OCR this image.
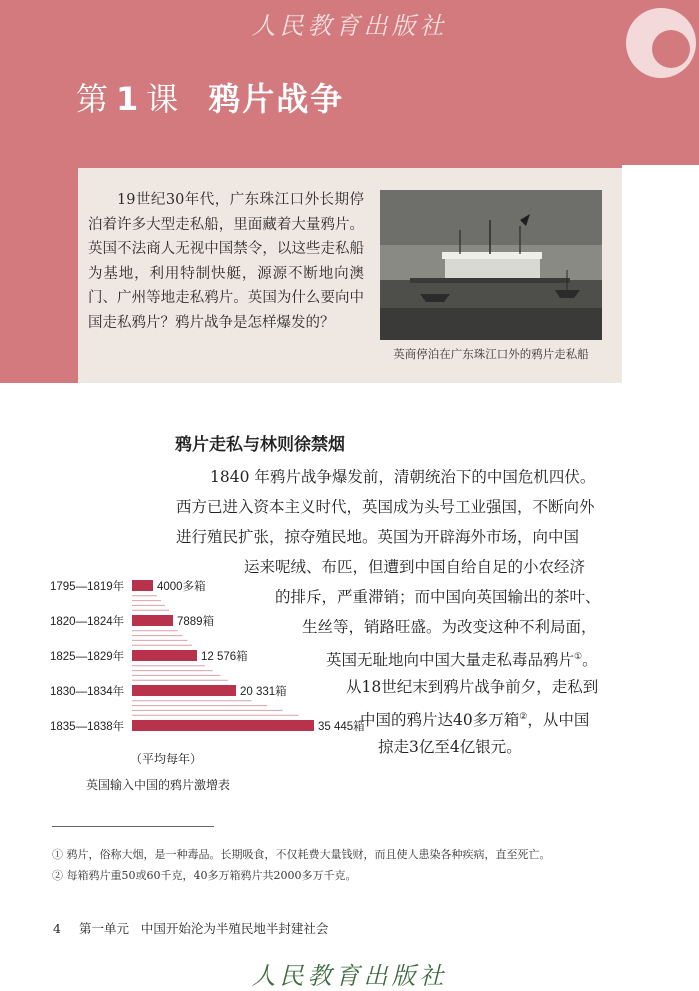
人民教育出版社
第 1 课 鸦片战争
19世纪30年代，广东珠江口外长期停泊着许多大型走私船，里面藏着大量鸦片。英国不法商人无视中国禁令，以这些走私船为基地，利用特制快艇，源源不断地向澳门、广州等地走私鸦片。英国为什么要向中国走私鸦片？鸦片战争是怎样爆发的？
英商停泊在广东珠江口外的鸦片走私船
鸦片走私与林则徐禁烟
1840 年鸦片战争爆发前，清朝统治下的中国危机四伏。
西方已进入资本主义时代，英国成为头号工业强国，不断向外
进行殖民扩张，掠夺殖民地。英国为开辟海外市场，向中国
运来呢绒、布匹，但遭到中国自给自足的小农经济
的排斥，严重滞销；而中国向英国输出的茶叶、
生丝等，销路旺盛。为改变这种不利局面，
英国无耻地向中国大量走私毒品鸦片①。
从18世纪末到鸦片战争前夕，走私到
中国的鸦片达40多万箱②，从中国
掠走3亿至4亿银元。
1795—1819年	4000多箱
1820—1824年	7889箱
1825—1829年	12 576箱
1830—1834年	20 331箱
1835—1838年	35 445箱
（平均每年）
英国输入中国的鸦片激增表
① 鸦片，俗称大烟，是一种毒品。长期吸食，不仅耗费大量钱财，而且使人患染各种疾病，直至死亡。
② 每箱鸦片重50或60千克，40多万箱鸦片共2000多万千克。
4 第一单元 中国开始沦为半殖民地半封建社会
人民教育出版社
